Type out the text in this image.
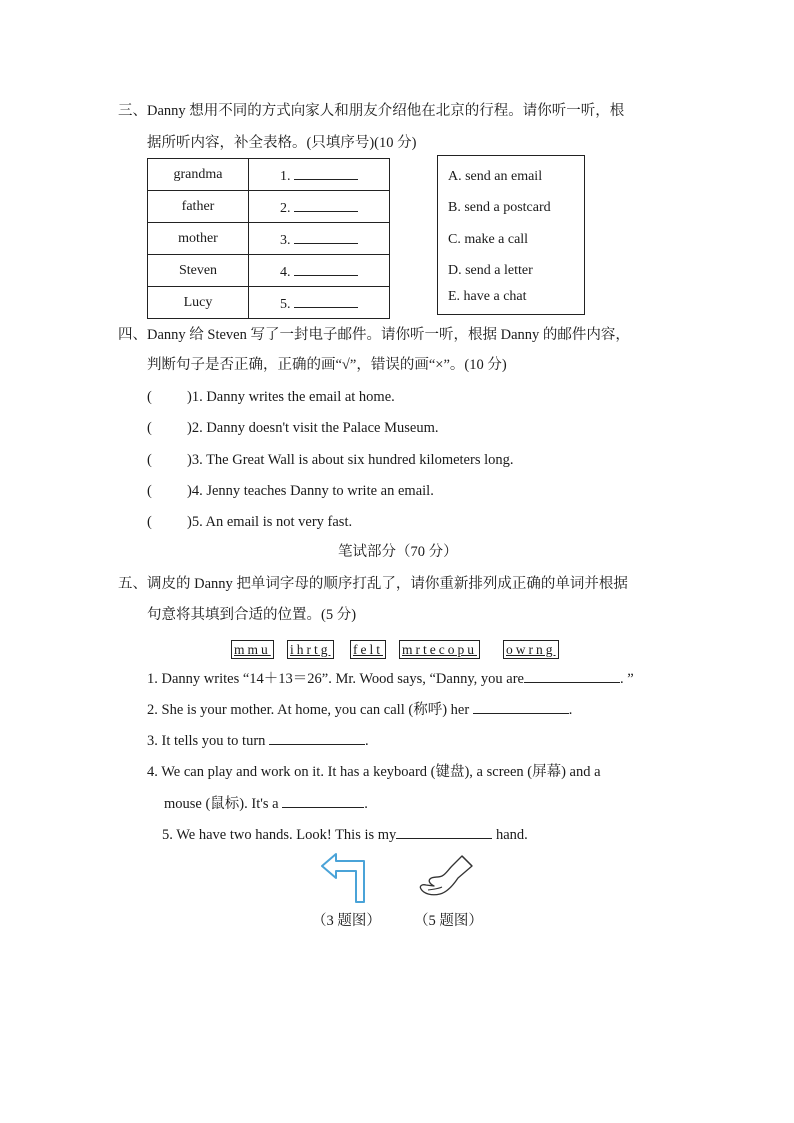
三、Danny 想用不同的方式向家人和朋友介绍他在北京的行程。请你听一听，根
据所听内容，补全表格。(只填序号)(10 分)
grandma	1.
father	2.
mother	3.
Steven	4.
Lucy	5.
A. send an email
B. send a postcard
C. make a call
D. send a letter
E. have a chat
四、Danny 给 Steven 写了一封电子邮件。请你听一听，根据 Danny 的邮件内容，
判断句子是否正确，正确的画“√”，错误的画“×”。(10 分)
( )1. Danny writes the email at home.
( )2. Danny doesn't visit the Palace Museum.
( )3. The Great Wall is about six hundred kilometers long.
( )4. Jenny teaches Danny to write an email.
( )5. An email is not very fast.
笔试部分（70 分）
五、调皮的 Danny 把单词字母的顺序打乱了，请你重新排列成正确的单词并根据
句意将其填到合适的位置。(5 分)
mmu ihrtg felt mrtecopu owrng
1. Danny writes “14＋13＝26”. Mr. Wood says, “Danny, you are	. ”
2. She is your mother. At home, you can call (称呼) her	.
3. It tells you to turn	.
4. We can play and work on it. It has a keyboard (键盘), a screen (屏幕) and a
mouse (鼠标). It's a	.
5. We have two hands. Look! This is my	hand.
（3 题图） （5 题图）
